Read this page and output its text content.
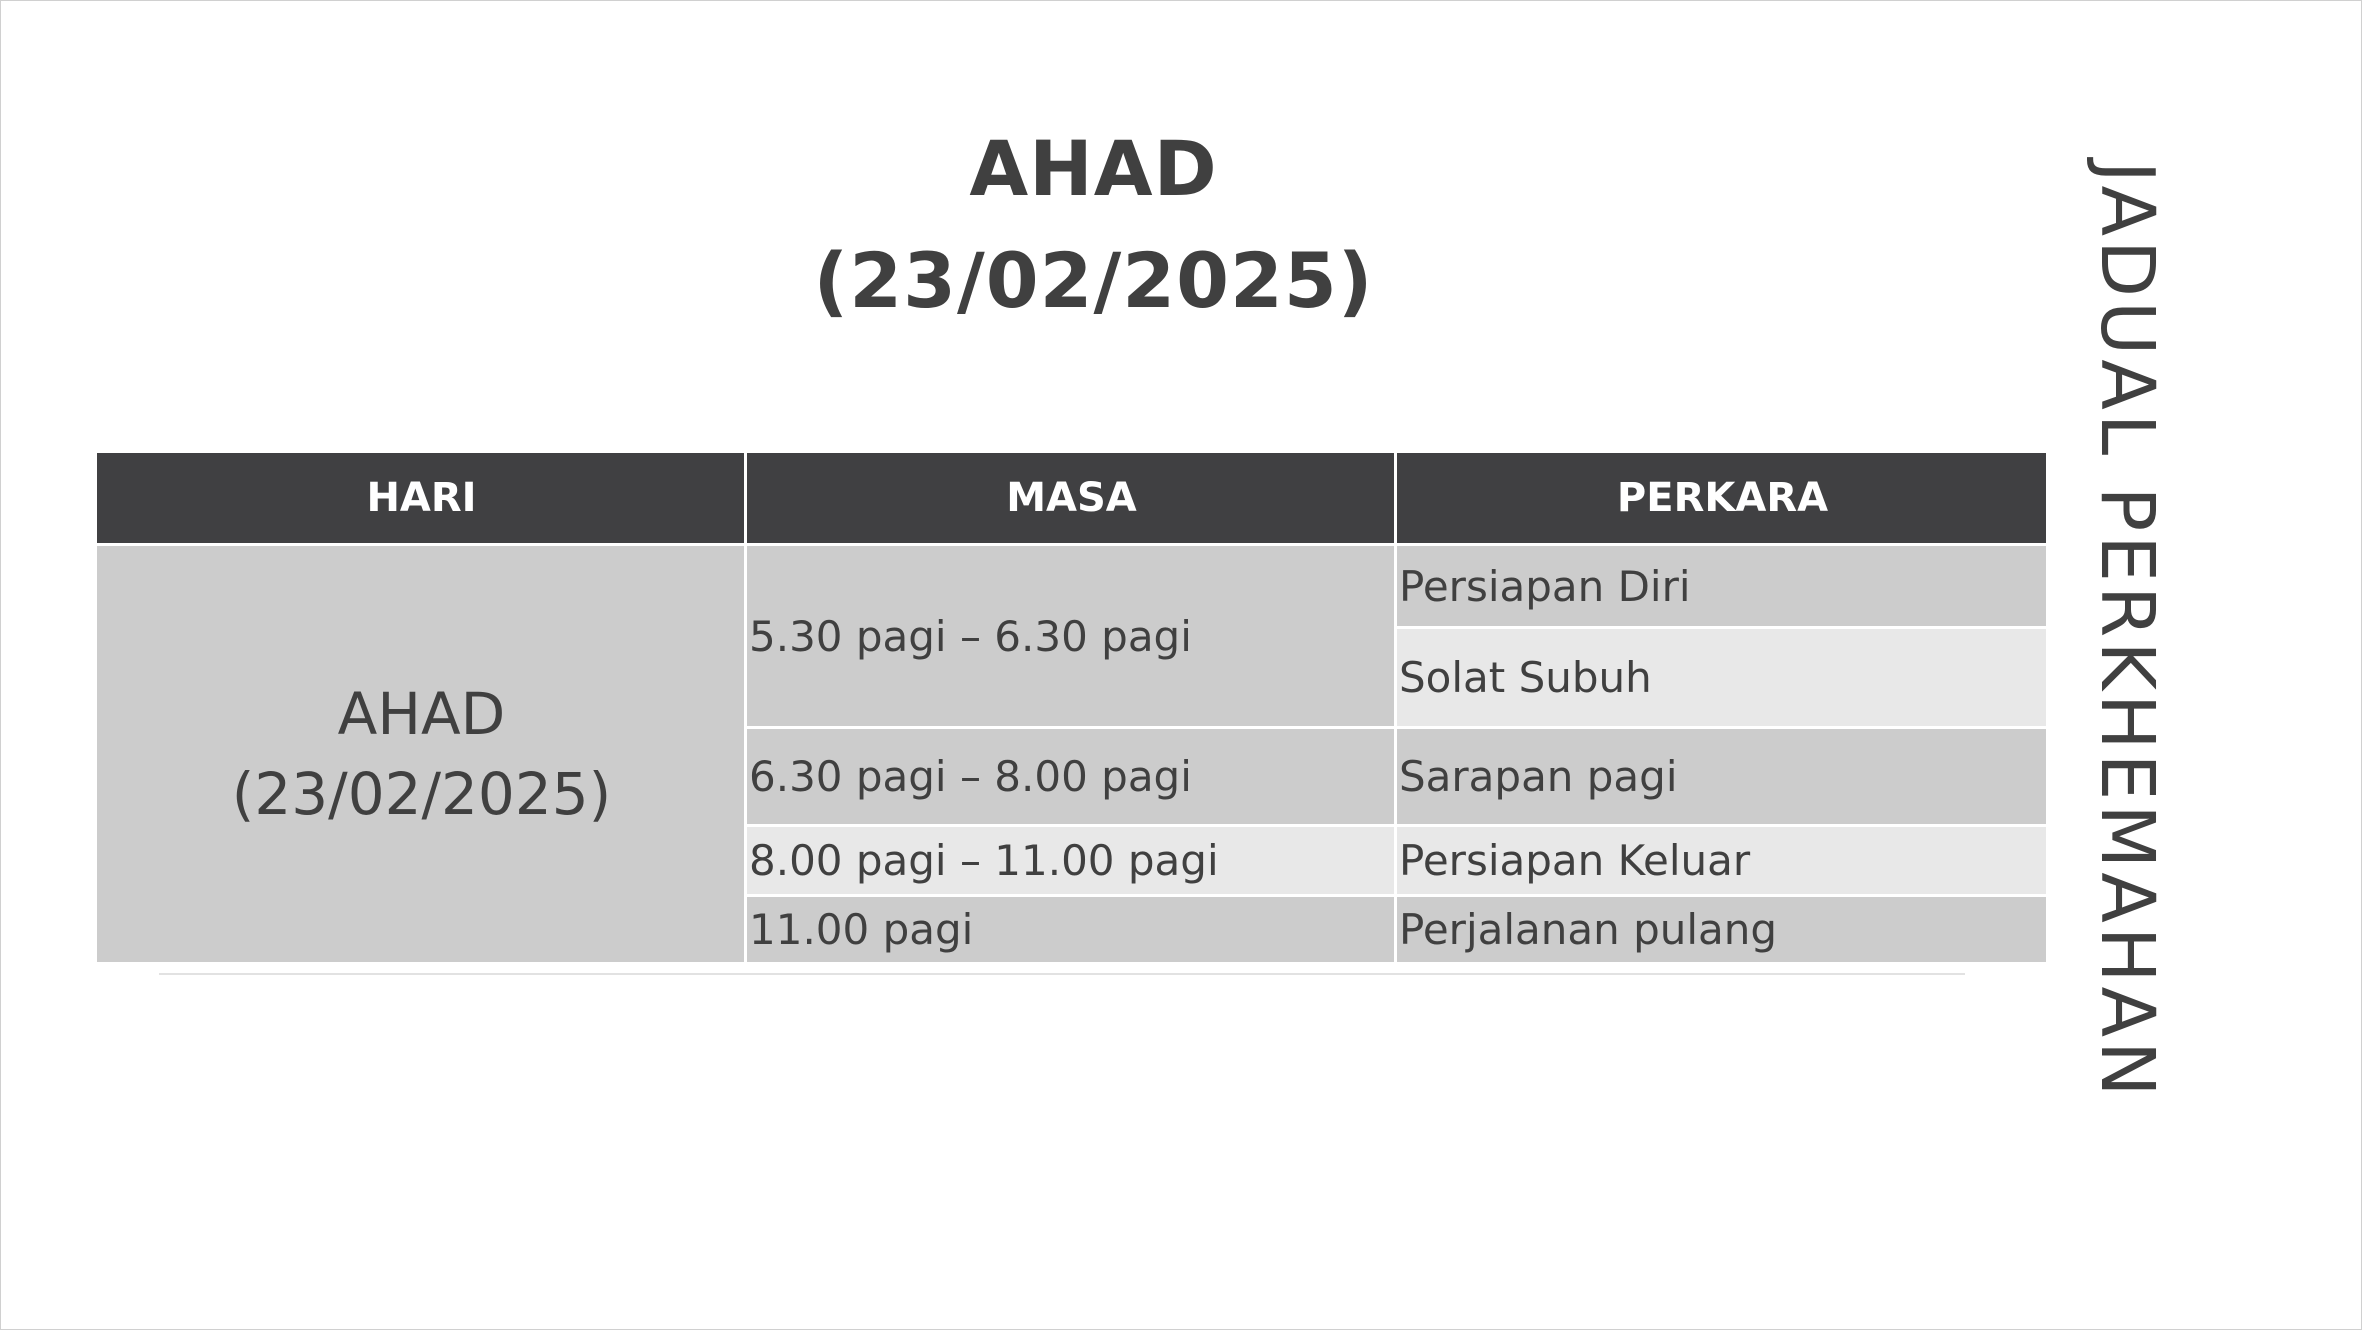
AHAD
(23/02/2025)	JADUAL PERKHEMAHAN
HARI	MASA	PERKARA

AHAD
(23/02/2025)	5.30 pagi – 6.30 pagi	Persiapan Diri
		Solat Subuh
	6.30 pagi – 8.00 pagi	Sarapan pagi
	8.00 pagi – 11.00 pagi	Persiapan Keluar
	11.00 pagi	Perjalanan pulang
